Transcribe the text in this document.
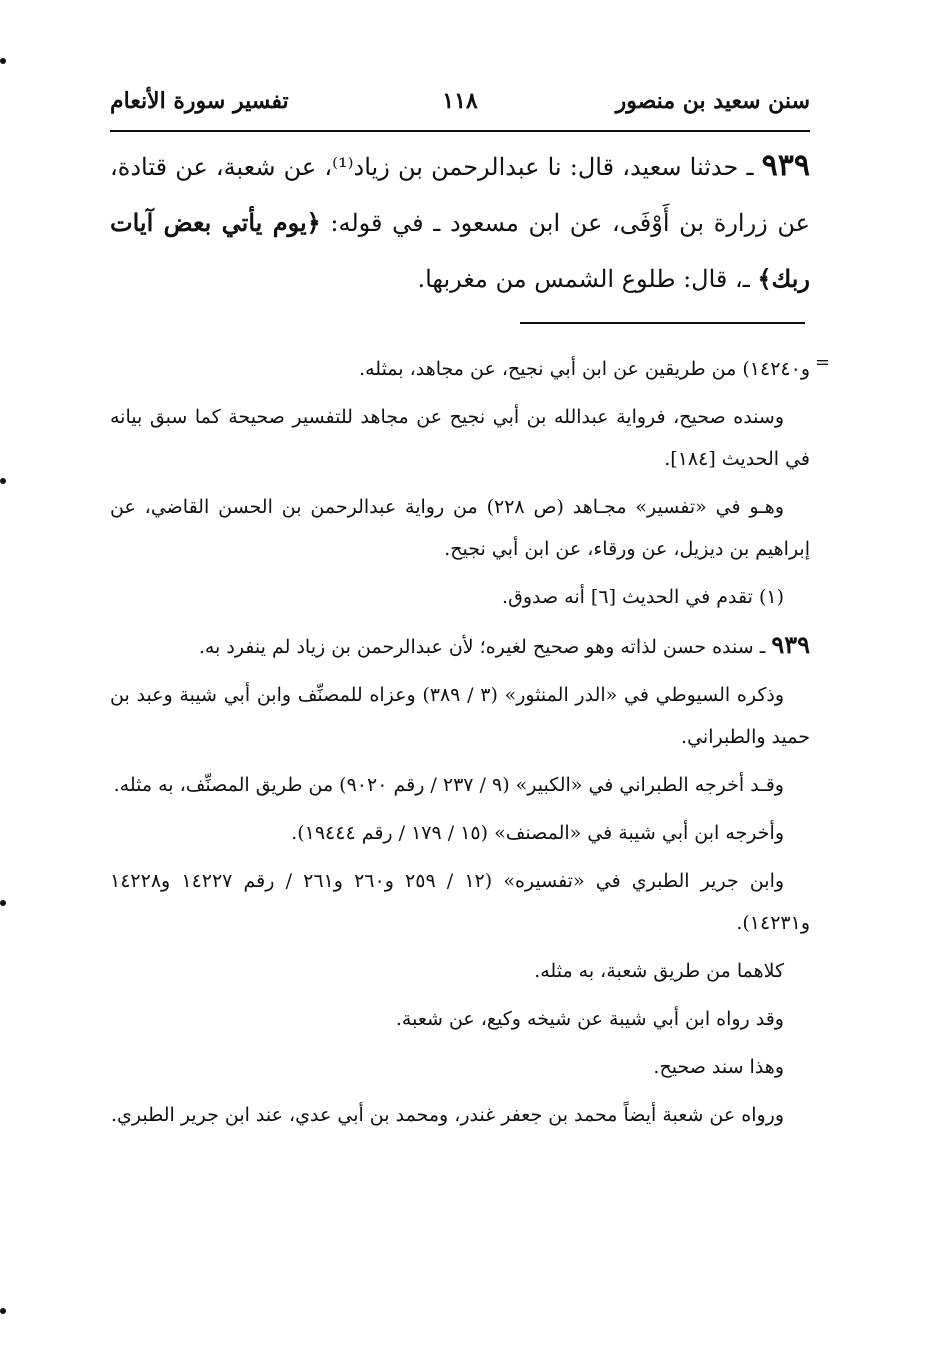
سنن سعيد بن منصور
١١٨
تفسير سورة الأنعام
٩٣٩ ـ حدثنا سعيد، قال: نا عبدالرحمن بن زياد⁽¹⁾، عن شعبة، عن قتادة، عن زرارة بن أَوْفَى، عن ابن مسعود ـ في قوله: ﴿يوم يأتي بعض آيات ربك﴾ ـ، قال: طلوع الشمس من مغربها.
=

و١٤٢٤٠) من طريقين عن ابن أبي نجيح، عن مجاهد، بمثله.

وسنده صحيح، فرواية عبدالله بن أبي نجيح عن مجاهد للتفسير صحيحة كما سبق بيانه في الحديث [١٨٤].

وهـو في «تفسير» مجـاهد (ص ٢٢٨) من رواية عبدالرحمن بن الحسن القاضي، عن إبراهيم بن ديزيل، عن ورقاء، عن ابن أبي نجيح.

(١) تقدم في الحديث [٦] أنه صدوق.

٩٣٩ ـ سنده حسن لذاته وهو صحيح لغيره؛ لأن عبدالرحمن بن زياد لم ينفرد به.

وذكره السيوطي في «الدر المنثور» (٣ / ٣٨٩) وعزاه للمصنِّف وابن أبي شيبة وعبد بن حميد والطبراني.

وقـد أخرجه الطبراني في «الكبير» (٩ / ٢٣٧ / رقم ٩٠٢٠) من طريق المصنِّف، به مثله.

وأخرجه ابن أبي شيبة في «المصنف» (١٥ / ١٧٩ / رقم ١٩٤٤٤).

وابن جرير الطبري في «تفسيره» (١٢ / ٢٥٩ و٢٦٠ و٢٦١ / رقم ١٤٢٢٧ و١٤٢٢٨ و١٤٢٣١).

كلاهما من طريق شعبة، به مثله.

وقد رواه ابن أبي شيبة عن شيخه وكيع، عن شعبة.

وهذا سند صحيح.

ورواه عن شعبة أيضاً محمد بن جعفر غندر، ومحمد بن أبي عدي، عند ابن جرير الطبري.
